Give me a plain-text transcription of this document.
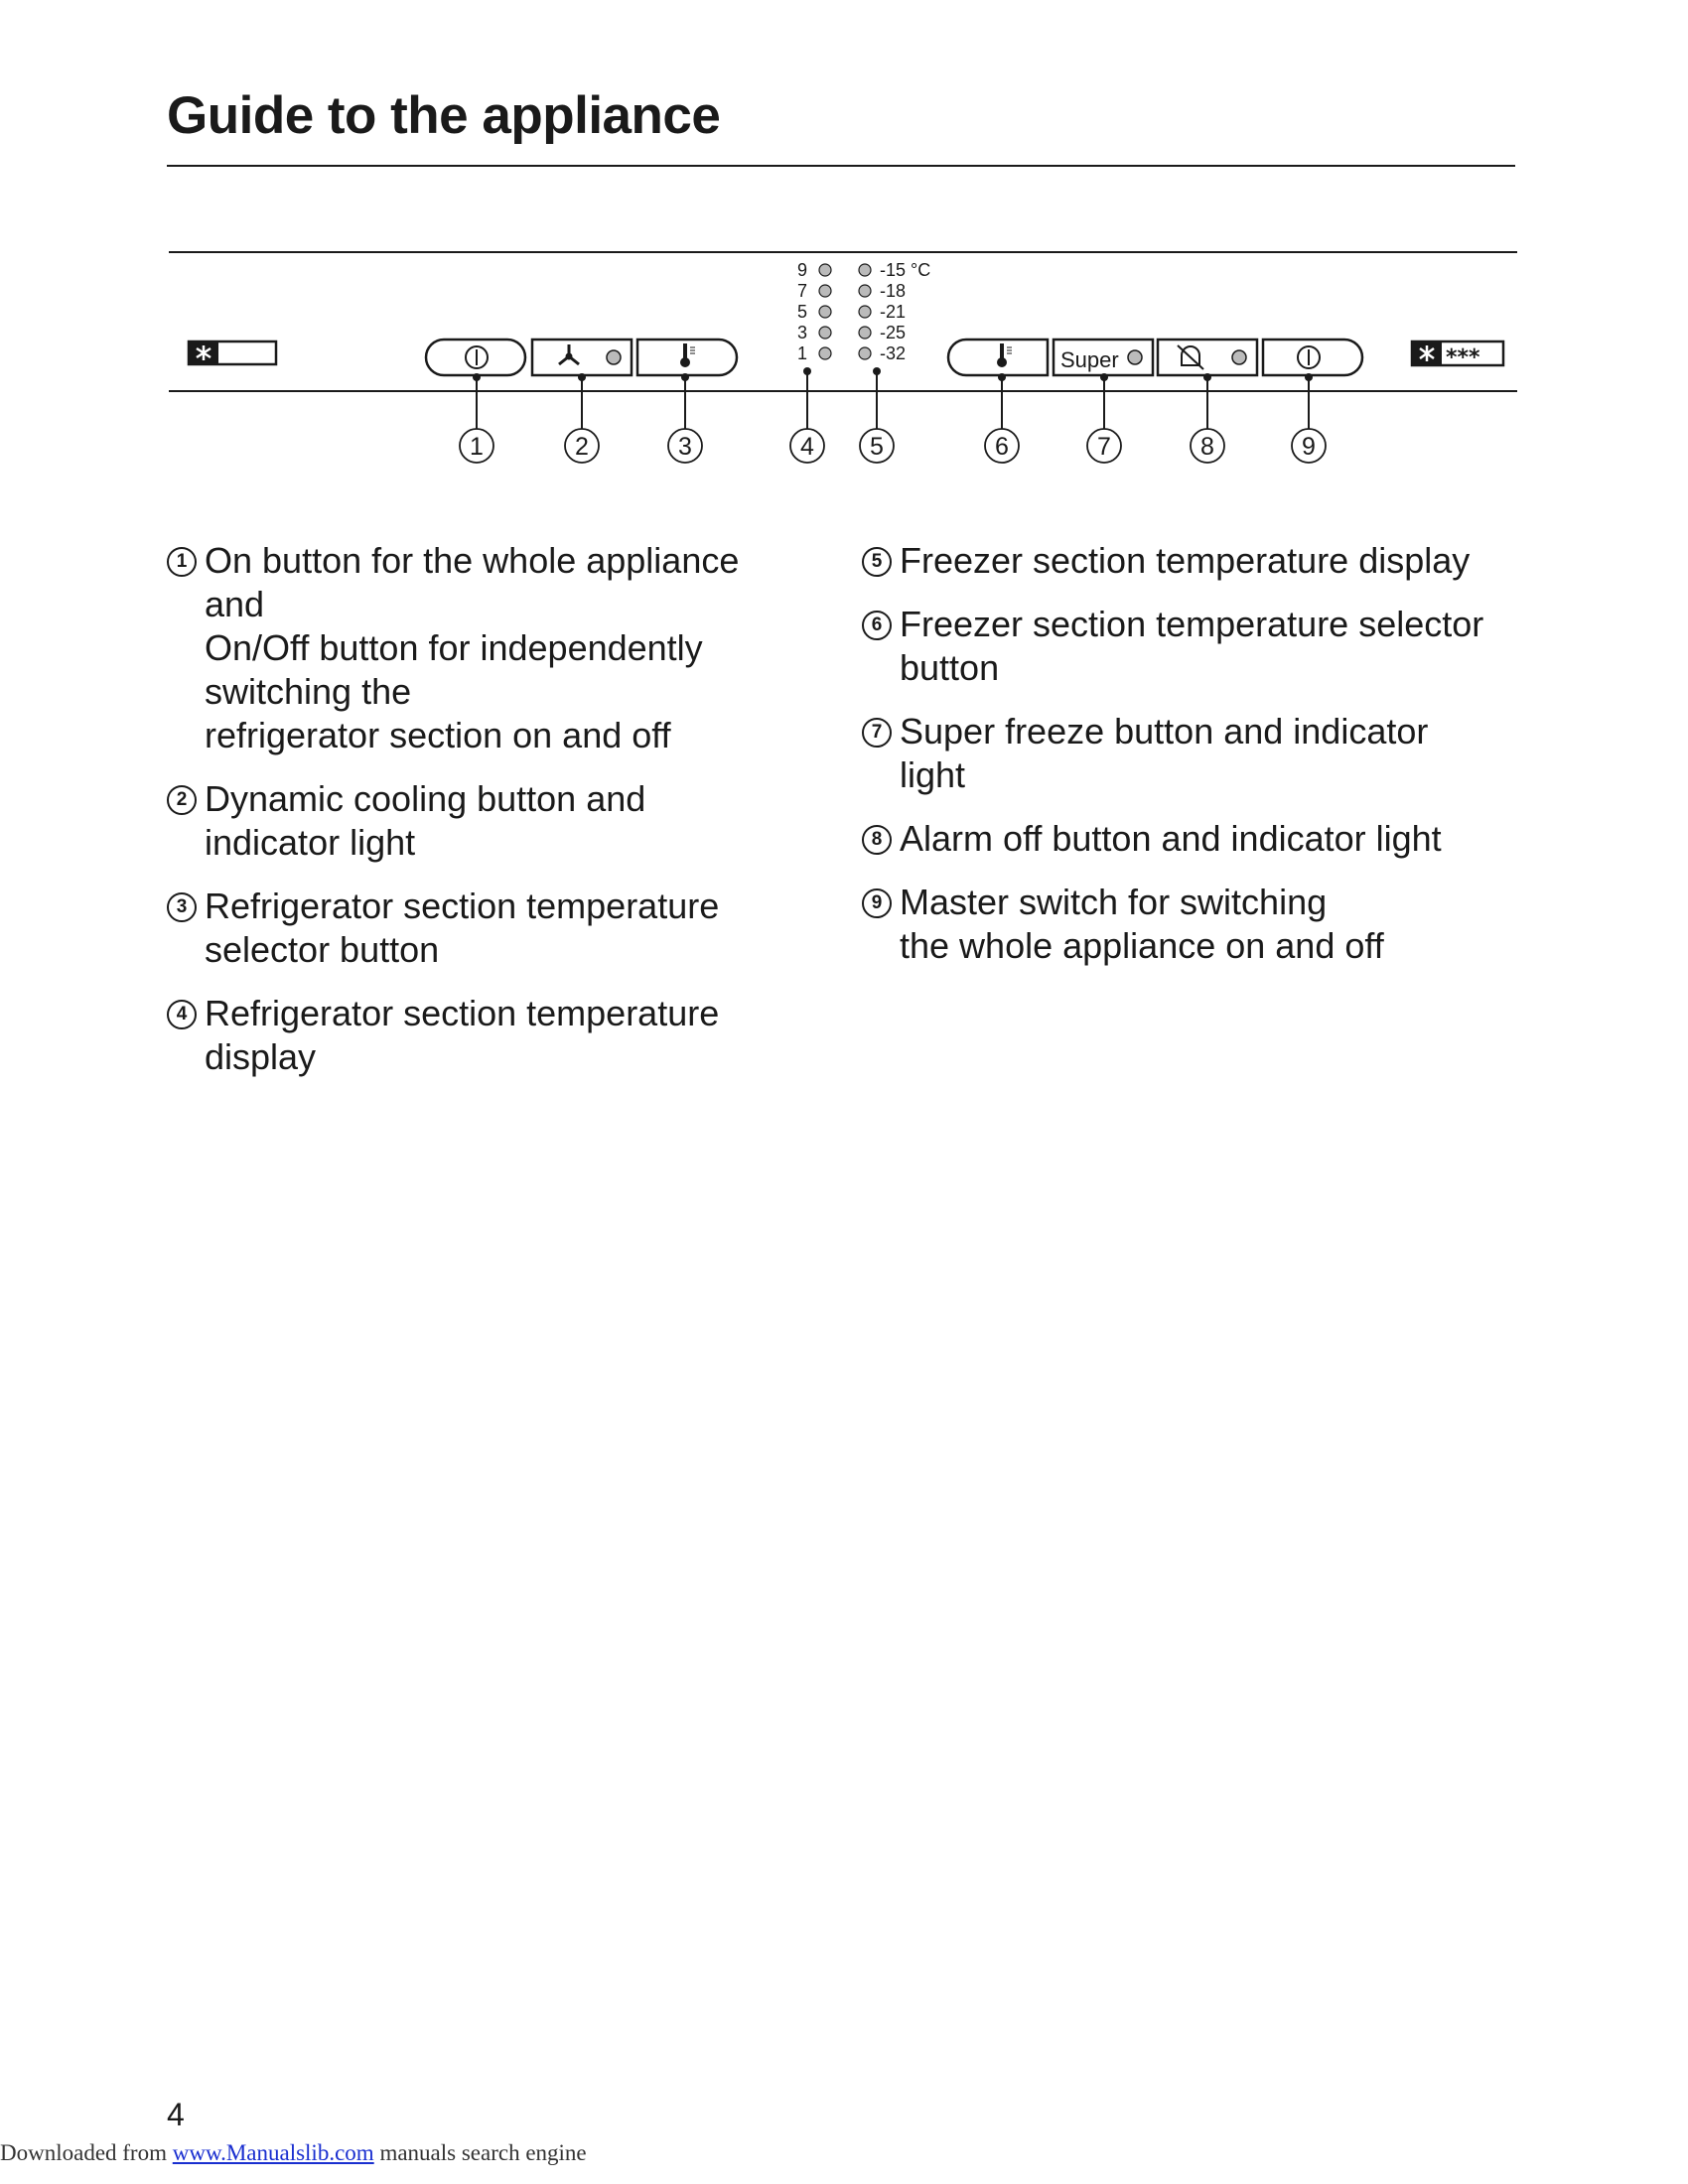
Guide to the appliance
9
7
5
3
1
-15 °C
-18
-21
-25
-32	Super	***
1	2	3	4 5	6	7	8	9
1 On button for the whole appliance
and
On/Off button for independently
switching the
refrigerator section on and off
2 Dynamic cooling button and
indicator light
3 Refrigerator section temperature
selector button
4 Refrigerator section temperature
display
5 Freezer section temperature display
6 Freezer section temperature selector
button
7 Super freeze button and indicator
light
8 Alarm off button and indicator light
9 Master switch for switching
the whole appliance on and off
4
Downloaded from www.Manualslib.com manuals search engine
